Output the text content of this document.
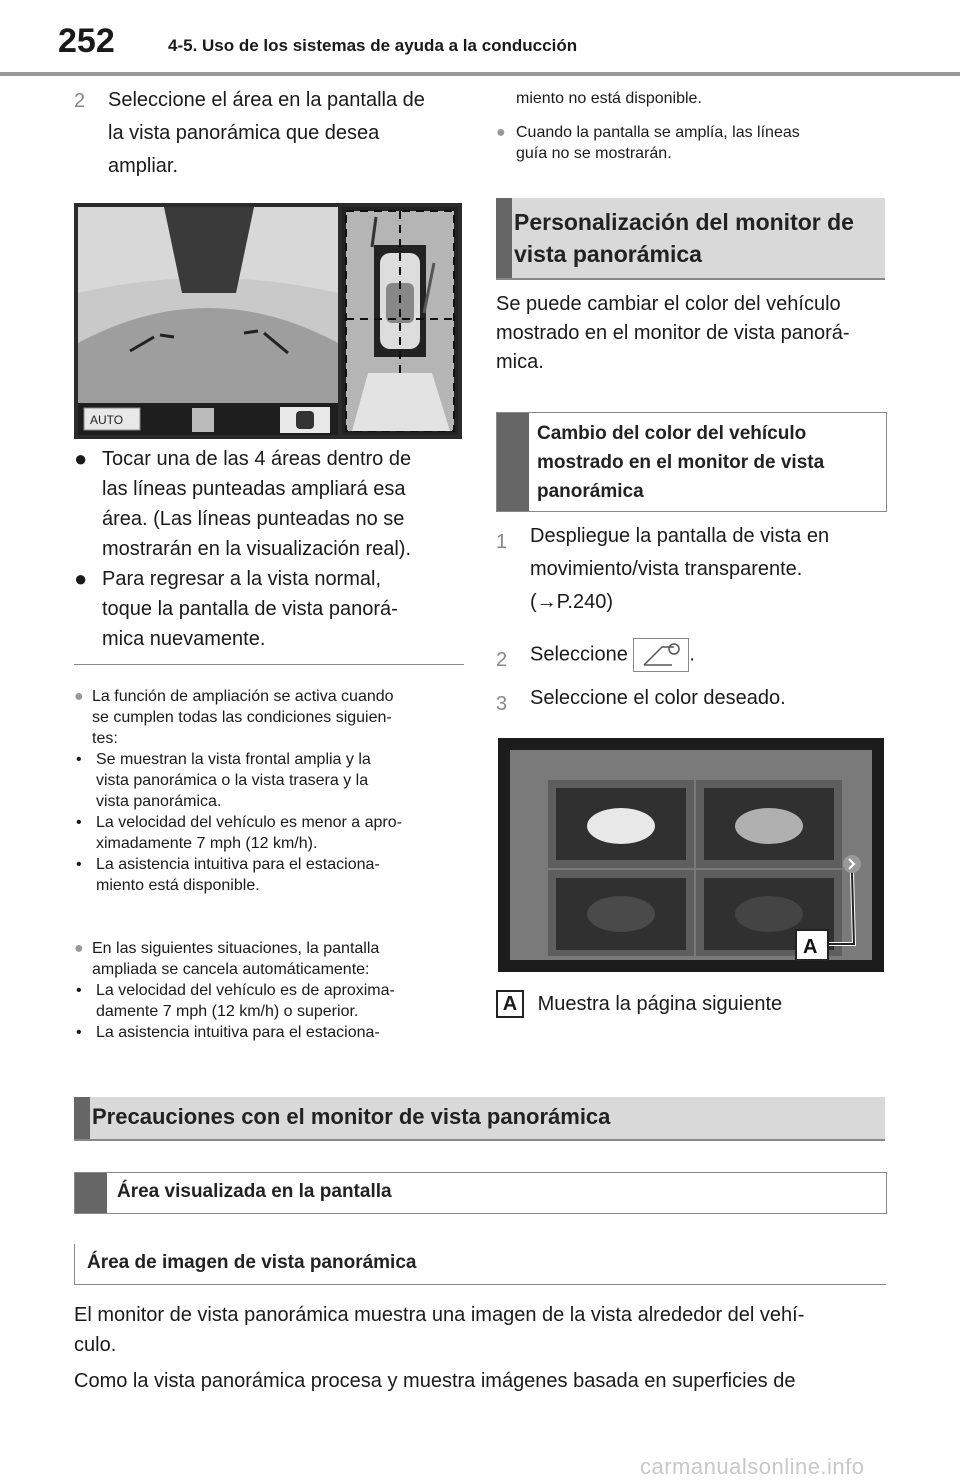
252	4-5. Uso de los sistemas de ayuda a la conducción
2 Seleccione el área en la pantalla de
la vista panorámica que desea
ampliar.
AUTO
● Tocar una de las 4 áreas dentro de
las líneas punteadas ampliará esa
área. (Las líneas punteadas no se
mostrarán en la visualización real).
● Para regresar a la vista normal,
toque la pantalla de vista panorá-
mica nuevamente.
● La función de ampliación se activa cuando
se cumplen todas las condiciones siguien-
tes:
• Se muestran la vista frontal amplia y la
vista panorámica o la vista trasera y la
vista panorámica.
• La velocidad del vehículo es menor a apro-
ximadamente 7 mph (12 km/h).
• La asistencia intuitiva para el estaciona-
miento está disponible.
● En las siguientes situaciones, la pantalla
ampliada se cancela automáticamente:
• La velocidad del vehículo es de aproxima-
damente 7 mph (12 km/h) o superior.
• La asistencia intuitiva para el estaciona-
miento no está disponible.
● Cuando la pantalla se amplía, las líneas
guía no se mostrarán.
Personalización del monitor de
vista panorámica
Se puede cambiar el color del vehículo
mostrado en el monitor de vista panorá-
mica.
Cambio del color del vehículo
mostrado en el monitor de vista
panorámica
1 Despliegue la pantalla de vista en
movimiento/vista transparente.
(→P.240)
2 Seleccione	.
3 Seleccione el color deseado.
A
A Muestra la página siguiente
Precauciones con el monitor de vista panorámica
Área visualizada en la pantalla
Área de imagen de vista panorámica
El monitor de vista panorámica muestra una imagen de la vista alrededor del vehí-
culo.
Como la vista panorámica procesa y muestra imágenes basada en superficies de
carmanualsonline.info
